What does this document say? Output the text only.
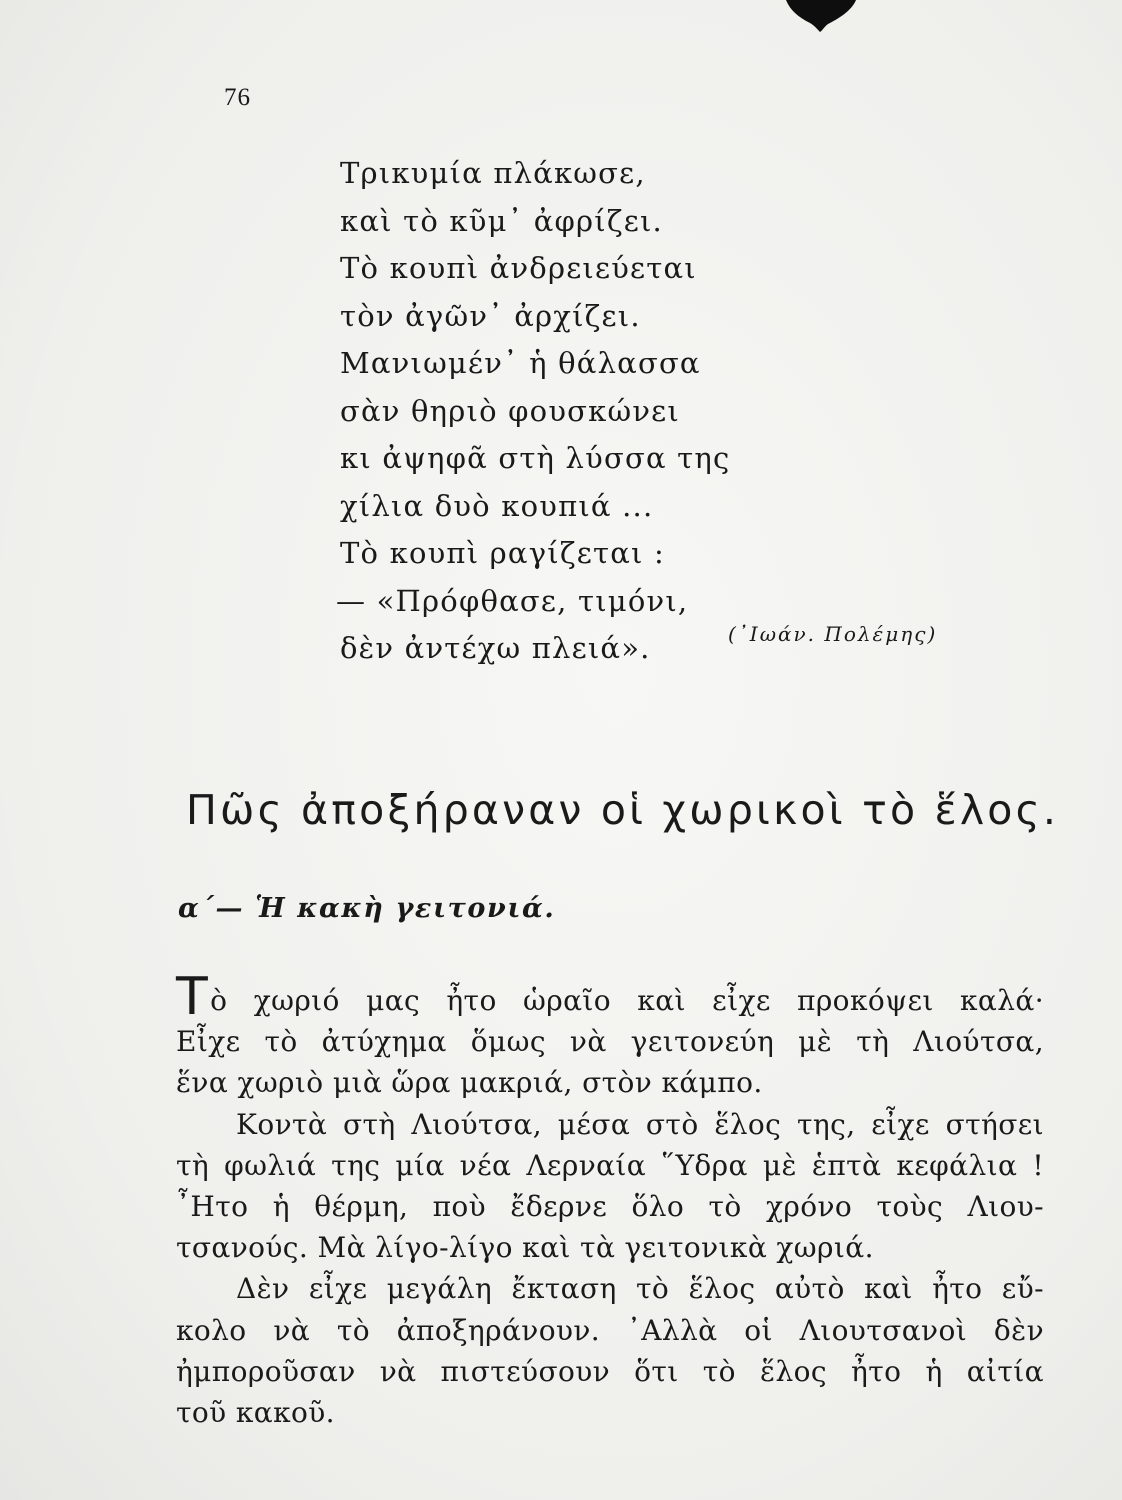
76
Τρικυμία πλάκωσε,
καὶ τὸ κῦμ᾽ ἀφρίζει.
Τὸ κουπὶ ἀνδρειεύεται
τὸν ἀγῶν᾽ ἀρχίζει.
Μανιωμέν᾽ ἡ θάλασσα
σὰν θηριὸ φουσκώνει
κι ἀψηφᾶ στὴ λύσσα της
χίλια δυὸ κουπιά ...
Τὸ κουπὶ ραγίζεται :
— «Πρόφθασε, τιμόνι,
δὲν ἀντέχω πλειά».	(᾽Ιωάν. Πολέμης)
Πῶς ἀποξήραναν οἱ χωρικοὶ τὸ ἕλος.
α΄— Ἡ κακὴ γειτονιά.
Τὸ χωριό μας ἦτο ὡραῖο καὶ εἶχε προκόψει καλά·
Εἶχε τὸ ἀτύχημα ὅμως νὰ γειτονεύη μὲ τὴ Λιούτσα,
ἕνα χωριὸ μιὰ ὥρα μακριά, στὸν κάμπο.
Κοντὰ στὴ Λιούτσα, μέσα στὸ ἕλος της, εἶχε στήσει
τὴ φωλιά της μία νέα Λερναία ῞Υδρα μὲ ἑπτὰ κεφάλια !
῏Ητο ἡ θέρμη, ποὺ ἔδερνε ὅλο τὸ χρόνο τοὺς Λιου-
τσανούς. Μὰ λίγο-λίγο καὶ τὰ γειτονικὰ χωριά.
Δὲν εἶχε μεγάλη ἔκταση τὸ ἕλος αὐτὸ καὶ ἦτο εὔ-
κολο νὰ τὸ ἀποξηράνουν. ᾽Αλλὰ οἱ Λιουτσανοὶ δὲν
ἠμποροῦσαν νὰ πιστεύσουν ὅτι τὸ ἕλος ἦτο ἡ αἰτία
τοῦ κακοῦ.
